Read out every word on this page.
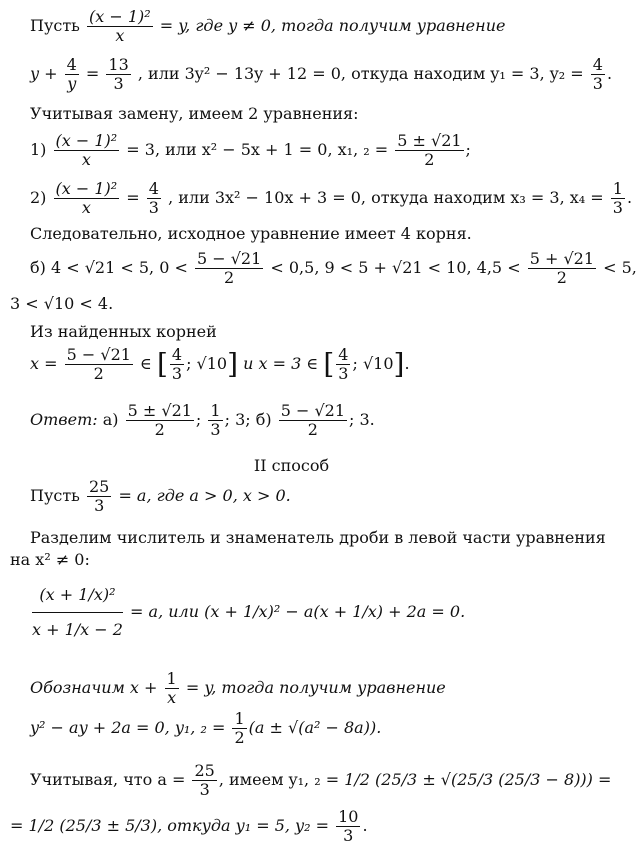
Пусть $\frac{\text{(x − 1)²}}{x} = y$, где y ≠ 0, тогда получим уравнение
$y + \frac{4}{y} = \frac{13}{3}$ , или 3y² − 13y + 12 = 0, откуда находим y₁ = 3, $y_2 = \frac{4}{3}$ .
Учитывая замену, имеем 2 уравнения:
$1) \frac{\text{(x − 1)²}}{x} = 3$, или x² − 5x + 1 = 0, x₁, $_2 = \frac{5 \pm √21}{2}$ ;
$2) \frac{\text{(x − 1)²}}{x} = \frac{4}{3}$ , или 3x² − 10x + 3 = 0, откуда находим x₃ = 3, $x_4 = \frac{1}{3}$ .
Следовательно, исходное уравнение имеет 4 корня.
б) 4 < √21 < 5, $0 < \frac{5 - √21}{2} < 0,5$, 9 < 5 + √21 < 10, $4,5 < \frac{5 + √21}{2} < 5$,
3 < √10 < 4.
Из найденных корней
$x = \frac{5 - √21}{2}$ ∈ [ $\frac{4}{3}$ ; √10] и x = 3 ∈ [ $\frac{4}{3}$ ; √10].
Ответ: $а) \frac{5 \pm √21}{2}$ ; $\frac{1}{3}$ ; 3; $б) \frac{5 - √21}{2}$ ; 3.
II способ
Пусть $\frac{25}{3} = a$, где a > 0, x > 0.
Разделим числитель и знаменатель дроби в левой части уравнения
на x² ≠ 0:
$\frac{\text{(x + 1/x)²}}{x + 1/x - 2} = a$, или (x + 1/x)² − a(x + 1/x) + 2a = 0.
Обозначим $x + \frac{1}{x} = y$, тогда получим уравнение
y² − ay + 2a = 0, y₁, $_2 = \frac{1}{2} (a \pm √(a^2 - 8a))$.
Учитывая, что $a = \frac{25}{3}$ , имеем y₁, ₂ = 1/2 (25/3 ± √(25/3 (25/3 − 8))) =
= 1/2 (25/3 ± 5/3), откуда y₁ = 5, $y_2 = \frac{10}{3}$ .
